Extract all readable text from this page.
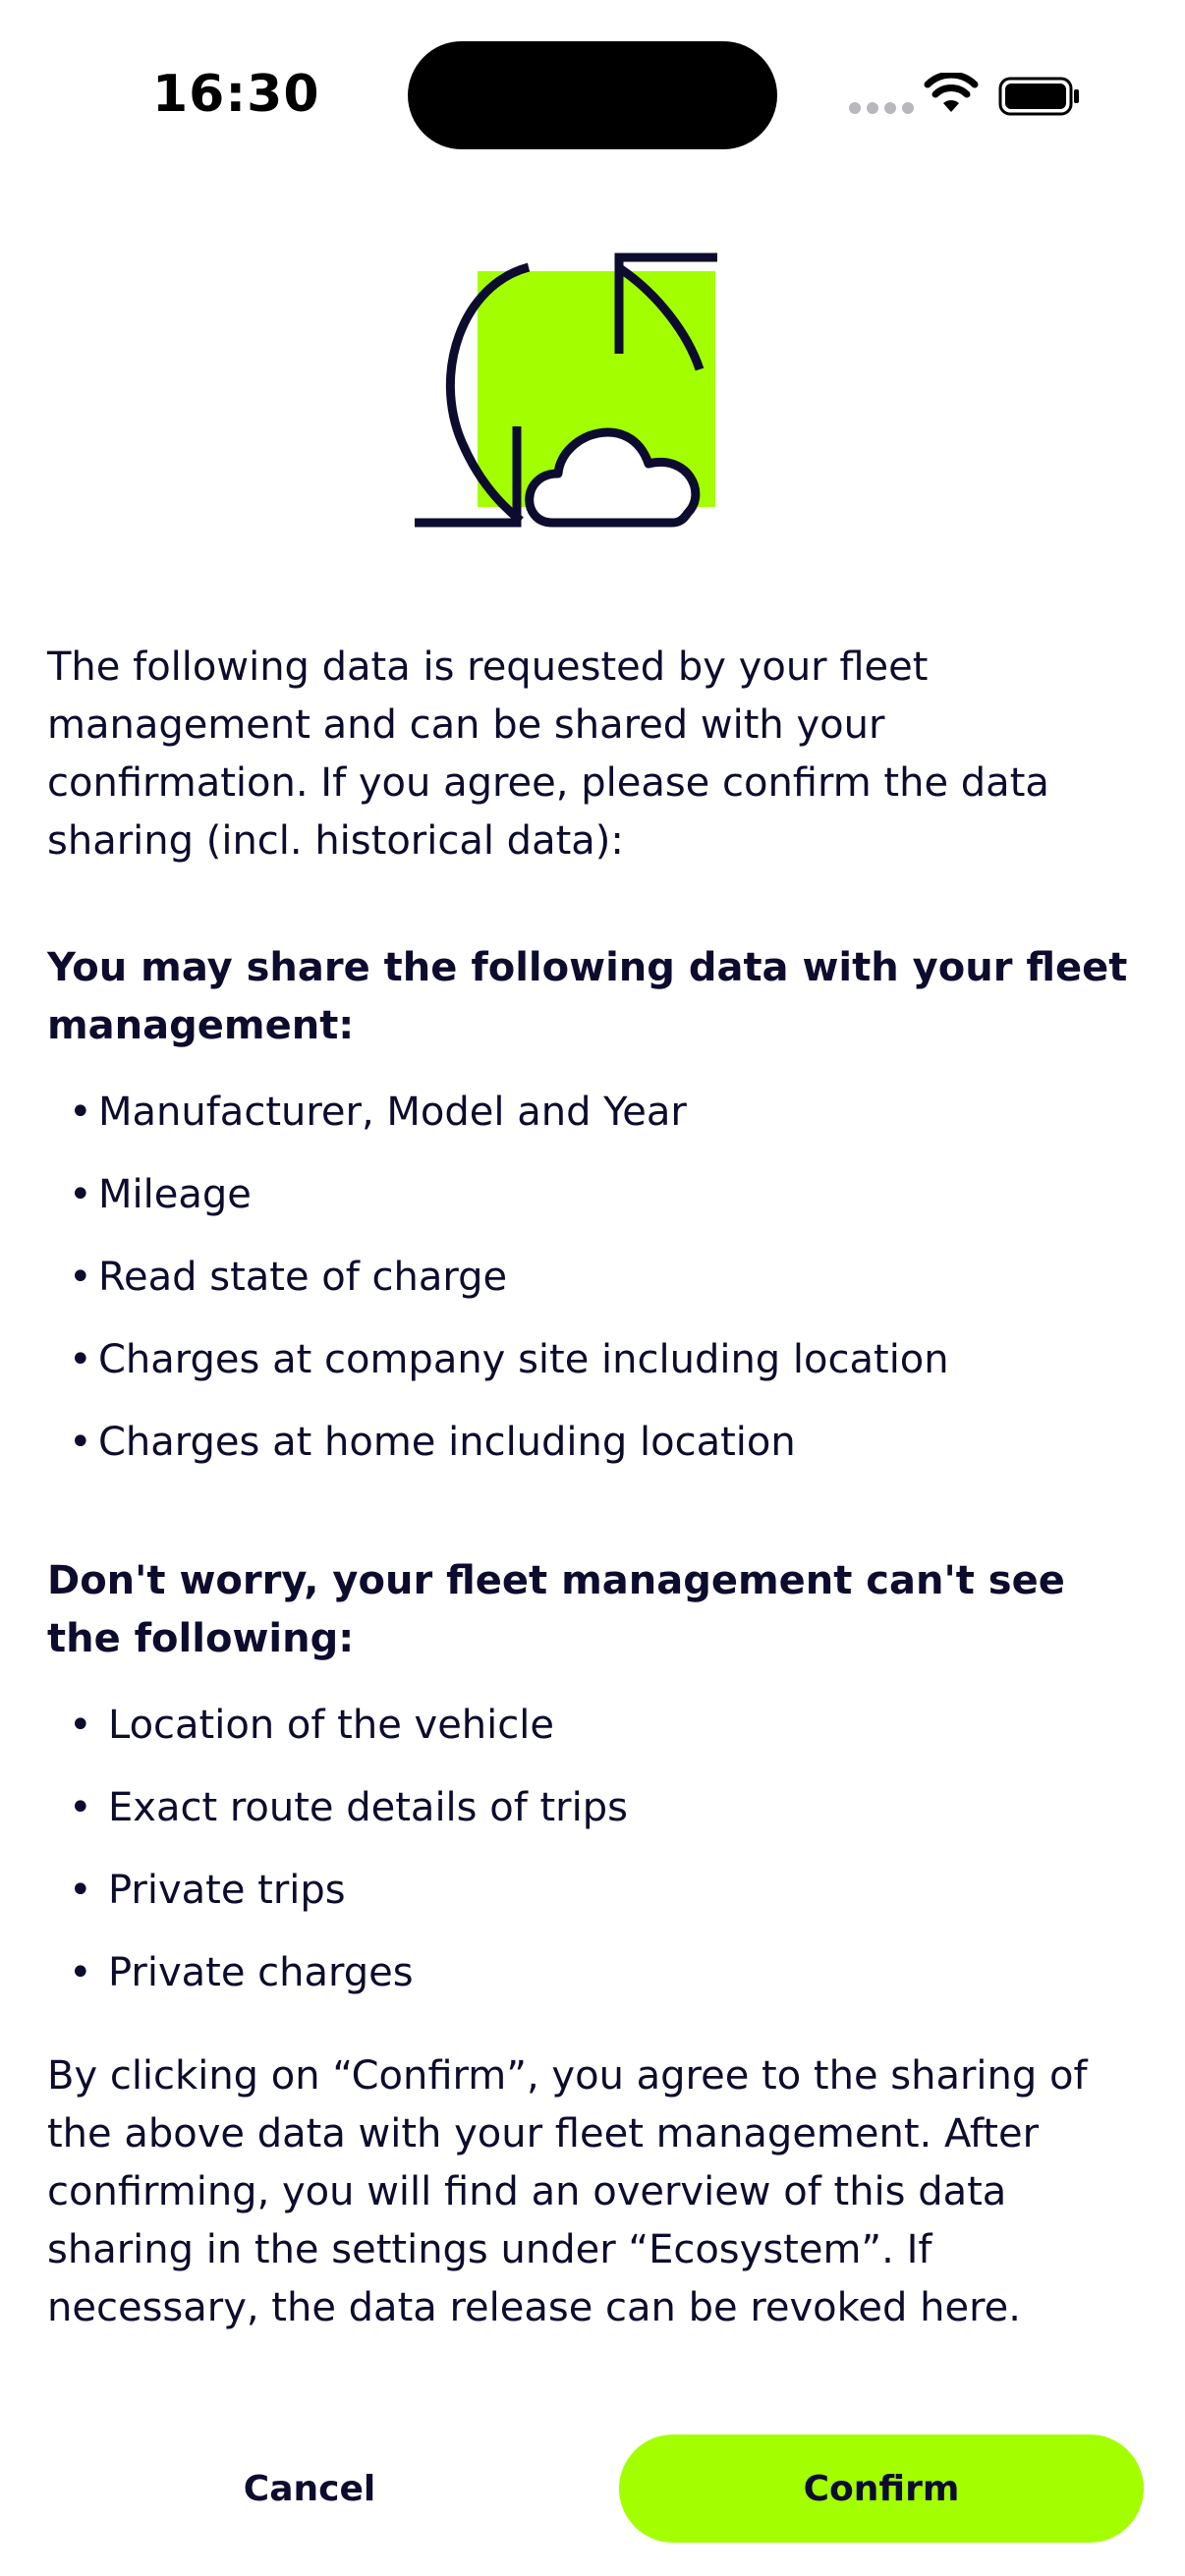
16:30

The following data is requested by your fleet management and can be shared with your confirmation. If you agree, please confirm the data sharing (incl. historical data):

You may share the following data with your fleet management:

• Manufacturer, Model and Year
• Mileage
• Read state of charge
• Charges at company site including location
• Charges at home including location

Don't worry, your fleet management can't see the following:

• Location of the vehicle
• Exact route details of trips
• Private trips
• Private charges

By clicking on “Confirm”, you agree to the sharing of the above data with your fleet management. After confirming, you will find an overview of this data sharing in the settings under “Ecosystem”. If necessary, the data release can be revoked here.

Cancel	Confirm
